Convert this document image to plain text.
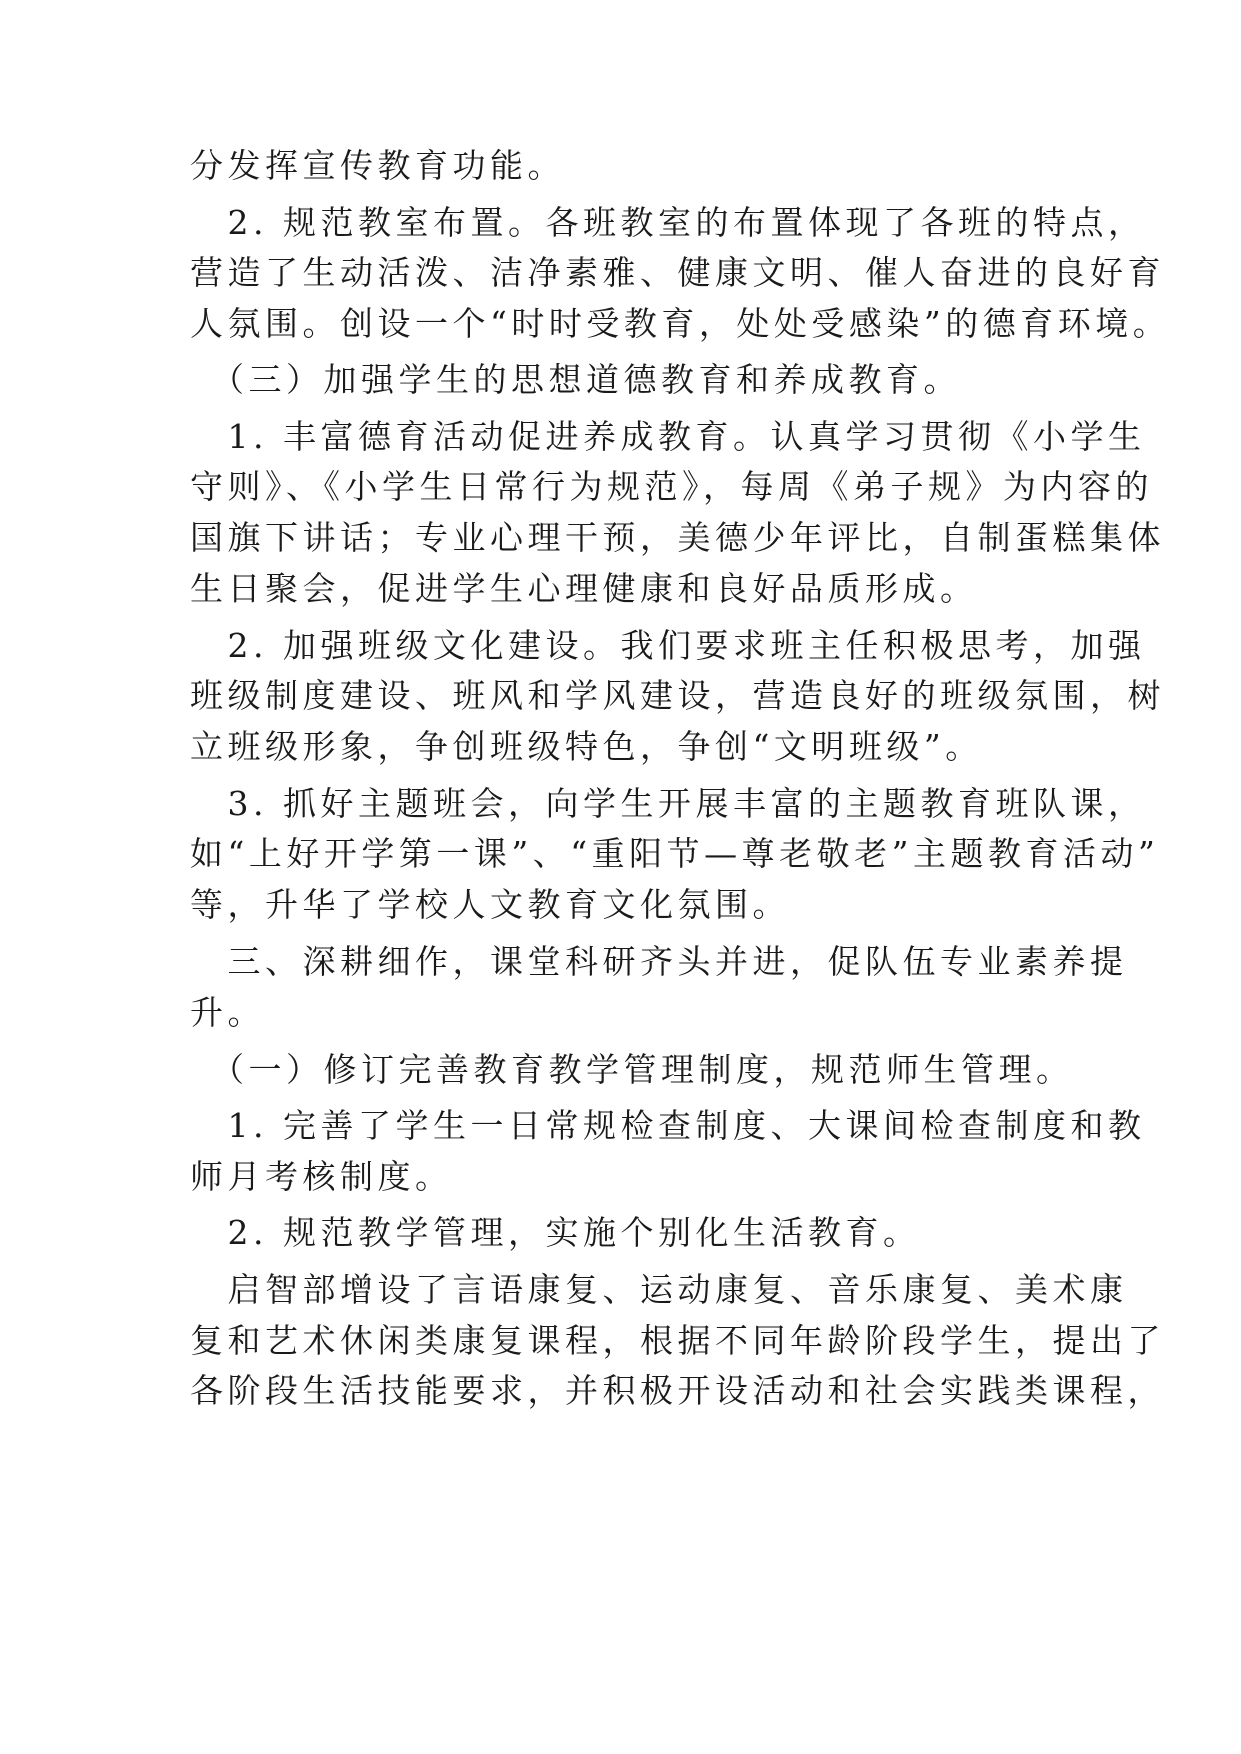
分发挥宣传教育功能。
　2. 规范教室布置。各班教室的布置体现了各班的特点，
营造了生动活泼、洁净素雅、健康文明、催人奋进的良好育
人氛围。创设一个“时时受教育，处处受感染”的德育环境。
　（三）加强学生的思想道德教育和养成教育。
　1. 丰富德育活动促进养成教育。认真学习贯彻《小学生
守则》、《小学生日常行为规范》，每周《弟子规》为内容的
国旗下讲话；专业心理干预，美德少年评比，自制蛋糕集体
生日聚会，促进学生心理健康和良好品质形成。
　2. 加强班级文化建设。我们要求班主任积极思考，加强
班级制度建设、班风和学风建设，营造良好的班级氛围，树
立班级形象，争创班级特色，争创“文明班级”。
　3. 抓好主题班会，向学生开展丰富的主题教育班队课，
如“上好开学第一课”、“重阳节—尊老敬老”主题教育活动”
等，升华了学校人文教育文化氛围。
　三、深耕细作，课堂科研齐头并进，促队伍专业素养提
升。
　（一）修订完善教育教学管理制度，规范师生管理。
　1. 完善了学生一日常规检查制度、大课间检查制度和教
师月考核制度。
　2. 规范教学管理，实施个别化生活教育。
　启智部增设了言语康复、运动康复、音乐康复、美术康
复和艺术休闲类康复课程，根据不同年龄阶段学生，提出了
各阶段生活技能要求，并积极开设活动和社会实践类课程，
